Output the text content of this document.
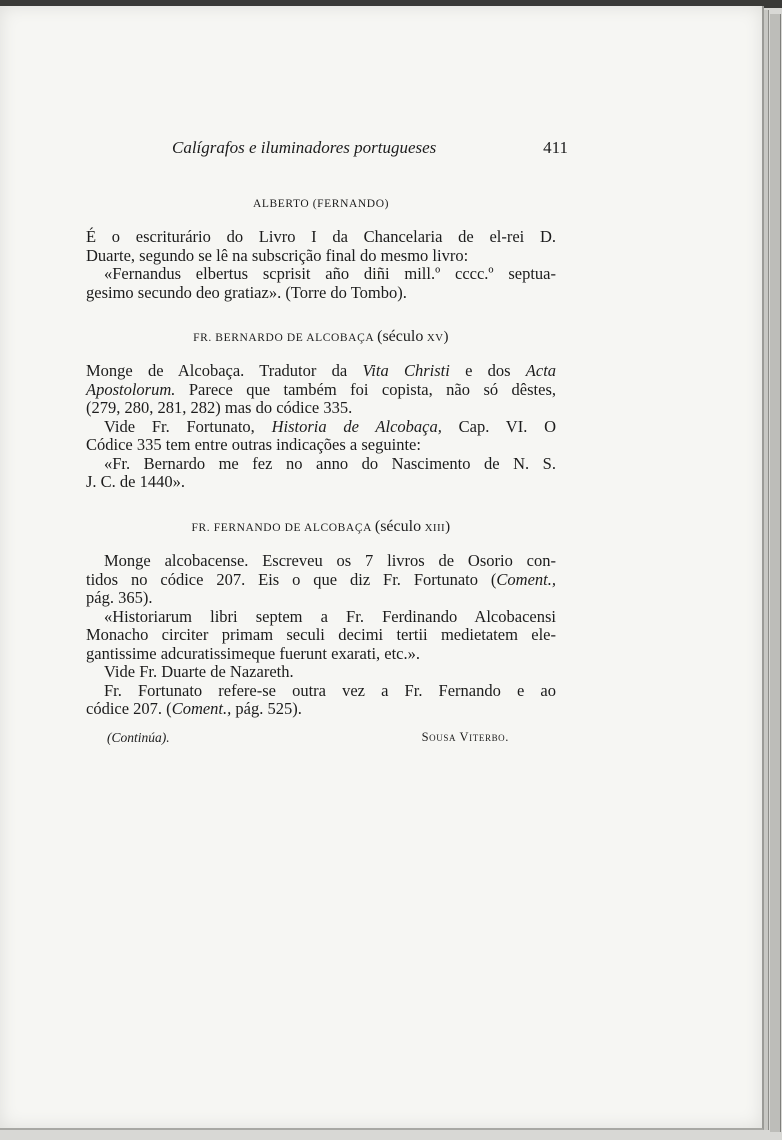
Calígrafos e iluminadores portugueses	411
ALBERTO (FERNANDO)
É o escriturário do Livro I da Chancelaria de el-rei D.
Duarte, segundo se lê na subscrição final do mesmo livro:
«Fernandus elbertus scprisit año diñi mill.º cccc.º septua-
gesimo secundo deo gratiaz». (Torre do Tombo).
FR. BERNARDO DE ALCOBAÇA (século xv)
Monge de Alcobaça. Tradutor da Vita Christi e dos Acta
Apostolorum. Parece que também foi copista, não só dêstes,
(279, 280, 281, 282) mas do códice 335.
Vide Fr. Fortunato, Historia de Alcobaça, Cap. VI. O
Códice 335 tem entre outras indicações a seguinte:
«Fr. Bernardo me fez no anno do Nascimento de N. S.
J. C. de 1440».
FR. FERNANDO DE ALCOBAÇA (século xiii)
Monge alcobacense. Escreveu os 7 livros de Osorio con-
tidos no códice 207. Eis o que diz Fr. Fortunato (Coment.,
pág. 365).
«Historiarum libri septem a Fr. Ferdinando Alcobacensi
Monacho circiter primam seculi decimi tertii medietatem ele-
gantissime adcuratissimeque fuerunt exarati, etc.».
Vide Fr. Duarte de Nazareth.
Fr. Fortunato refere-se outra vez a Fr. Fernando e ao
códice 207. (Coment., pág. 525).
(Continúa).	Sousa Viterbo.
